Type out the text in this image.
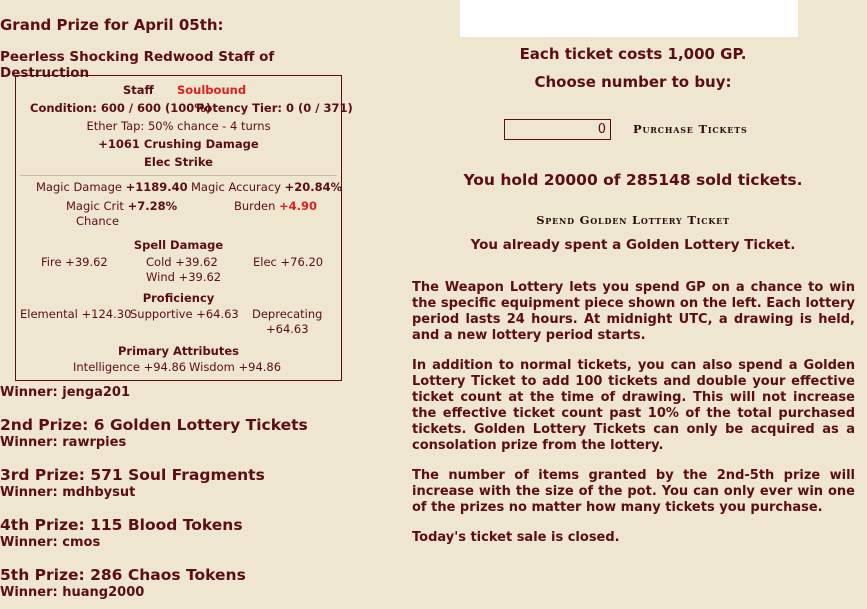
Grand Prize for April 05th:
Peerless Shocking Redwood Staff of Destruction
Staff Soulbound
Condition: 600 / 600 (100%)
Potency Tier: 0 (0 / 371)
Ether Tap: 50% chance - 4 turns
+1061 Crushing Damage
Elec Strike
Magic Damage +1189.40 Magic Accuracy +20.84%
Magic Crit +7.28%
Chance
Burden +4.90
Spell Damage
Fire +39.62	Cold +39.62	Elec +76.20
Wind +39.62
Proficiency
Elemental +124.30
Supportive +64.63 Deprecating
+64.63
Primary Attributes
Intelligence +94.86 Wisdom +94.86
Winner: jenga201
2nd Prize: 6 Golden Lottery Tickets
Winner: rawrpies
3rd Prize: 571 Soul Fragments
Winner: mdhbysut
4th Prize: 115 Blood Tokens
Winner: cmos
5th Prize: 286 Chaos Tokens
Winner: huang2000
Each ticket costs 1,000 GP.
Choose number to buy:
0
Purchase Tickets
You hold 20000 of 285148 sold tickets.
Spend Golden Lottery Ticket
You already spent a Golden Lottery Ticket.
The Weapon Lottery lets you spend GP on a chance to win the specific equipment piece shown on the left. Each lottery period lasts 24 hours. At midnight UTC, a drawing is held, and a new lottery period starts.
In addition to normal tickets, you can also spend a Golden Lottery Ticket to add 100 tickets and double your effective ticket count at the time of drawing. This will not increase the effective ticket count past 10% of the total purchased tickets. Golden Lottery Tickets can only be acquired as a consolation prize from the lottery.
The number of items granted by the 2nd-5th prize will increase with the size of the pot. You can only ever win one of the prizes no matter how many tickets you purchase.
Today's ticket sale is closed.
